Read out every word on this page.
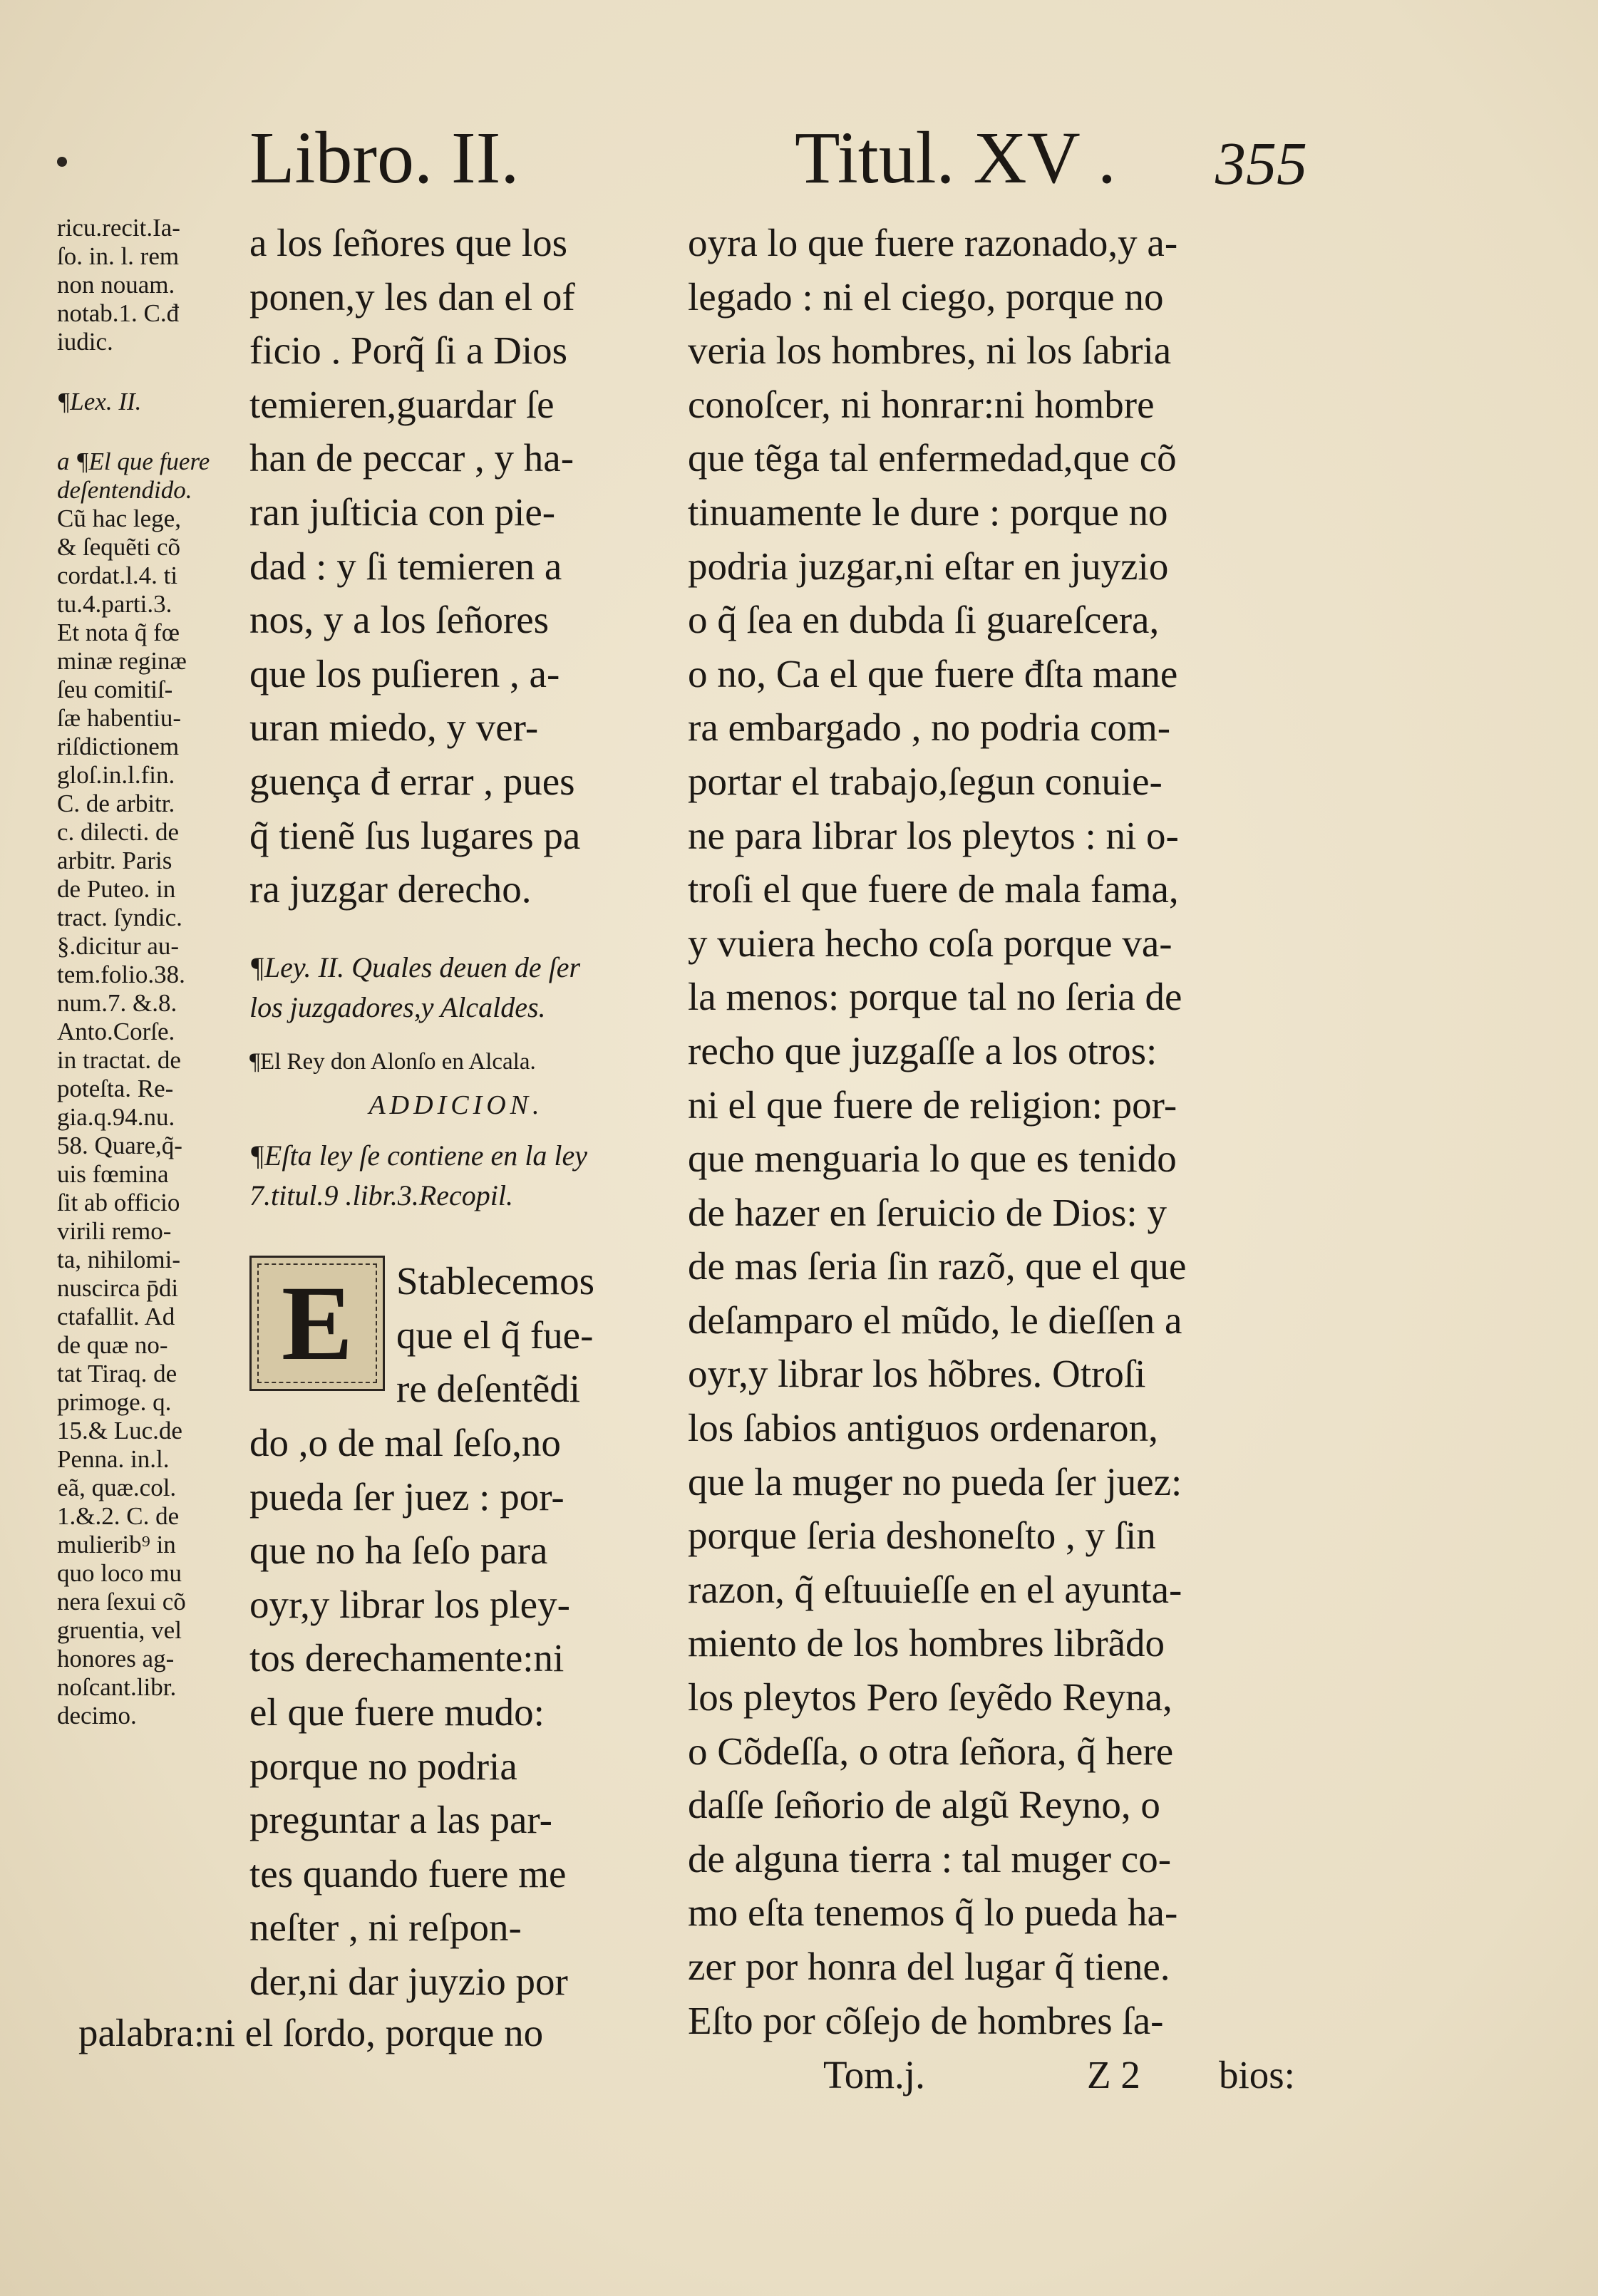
Libro. II.	Titul. XV . 355
ricu.recit.Ia-
ſo. in. l. rem
non nouam.
notab.1. C.đ
iudic.
¶Lex. II.
a ¶El que fuere
deſentendido.
Cũ hac lege,
& ſequẽti cõ
cordat.l.4. ti
tu.4.parti.3.
Et nota q̃ fœ
minæ reginæ
ſeu comitiſ-
ſæ habentiu-
riſdictionem
gloſ.in.l.fin.
C. de arbitr.
c. dilecti. de
arbitr. Paris
de Puteo. in
tract. ſyndic.
§.dicitur au-
tem.folio.38.
num.7. &.8.
Anto.Corſe.
in tractat. de
poteſta. Re-
gia.q.94.nu.
58. Quare,q̃-
uis fœmina
ſit ab officio
virili remo-
ta, nihilomi-
nuscirca p̄di
ctafallit. Ad
de quæ no-
tat Tiraq. de
primoge. q.
15.& Luc.de
Penna. in.l.
eã, quæ.col.
1.&.2. C. de
mulierib⁹ in
quo loco mu
nera ſexui cõ
gruentia, vel
honores ag-
noſcant.libr.
decimo.
a los ſeñores que los
ponen,y les dan el of
ficio . Porq̃ ſi a Dios
temieren,guardar ſe
han de peccar , y ha-
ran juſticia con pie-
dad : y ſi temieren a
nos, y a los ſeñores
que los puſieren , a-
uran miedo, y ver-
guença đ errar , pues
q̃ tienẽ ſus lugares pa
ra juzgar derecho.
¶Ley. II. Quales deuen de ſer
los juzgadores,y Alcaldes.
¶El Rey don Alonſo en Alcala.
ADDICION.
¶Eſta ley ſe contiene en la ley
7.titul.9 .libr.3.Recopil.
E	Stablecemos
que el q̃ fue-
re deſentẽdi
do ,o de mal ſeſo,no
pueda ſer juez : por-
que no ha ſeſo para
oyr,y librar los pley-
tos derechamente:ni
el que fuere mudo:
porque no podria
preguntar a las par-
tes quando fuere me
neſter , ni reſpon-
der,ni dar juyzio por
palabra:ni el ſordo, porque no
oyra lo que fuere razonado,y a-
legado : ni el ciego, porque no
veria los hombres, ni los ſabria
conoſcer, ni honrar:ni hombre
que tẽga tal enfermedad,que cõ
tinuamente le dure : porque no
podria juzgar,ni eſtar en juyzio
o q̃ ſea en dubda ſi guareſcera,
o no, Ca el que fuere đſta mane
ra embargado , no podria com-
portar el trabajo,ſegun conuie-
ne para librar los pleytos : ni o-
troſi el que fuere de mala fama,
y vuiera hecho coſa porque va-
la menos: porque tal no ſeria de
recho que juzgaſſe a los otros:
ni el que fuere de religion: por-
que menguaria lo que es tenido
de hazer en ſeruicio de Dios: y
de mas ſeria ſin razõ, que el que
deſamparo el mũdo, le dieſſen a
oyr,y librar los hõbres. Otroſi
los ſabios antiguos ordenaron,
que la muger no pueda ſer juez:
porque ſeria deshoneſto , y ſin
razon, q̃ eſtuuieſſe en el ayunta-
miento de los hombres librãdo
los pleytos Pero ſeyẽdo Reyna,
o Cõdeſſa, o otra ſeñora, q̃ here
daſſe ſeñorio de algũ Reyno, o
de alguna tierra : tal muger co-
mo eſta tenemos q̃ lo pueda ha-
zer por honra del lugar q̃ tiene.
Eſto por cõſejo de hombres ſa-
Tom.j.	Z 2 bios:
